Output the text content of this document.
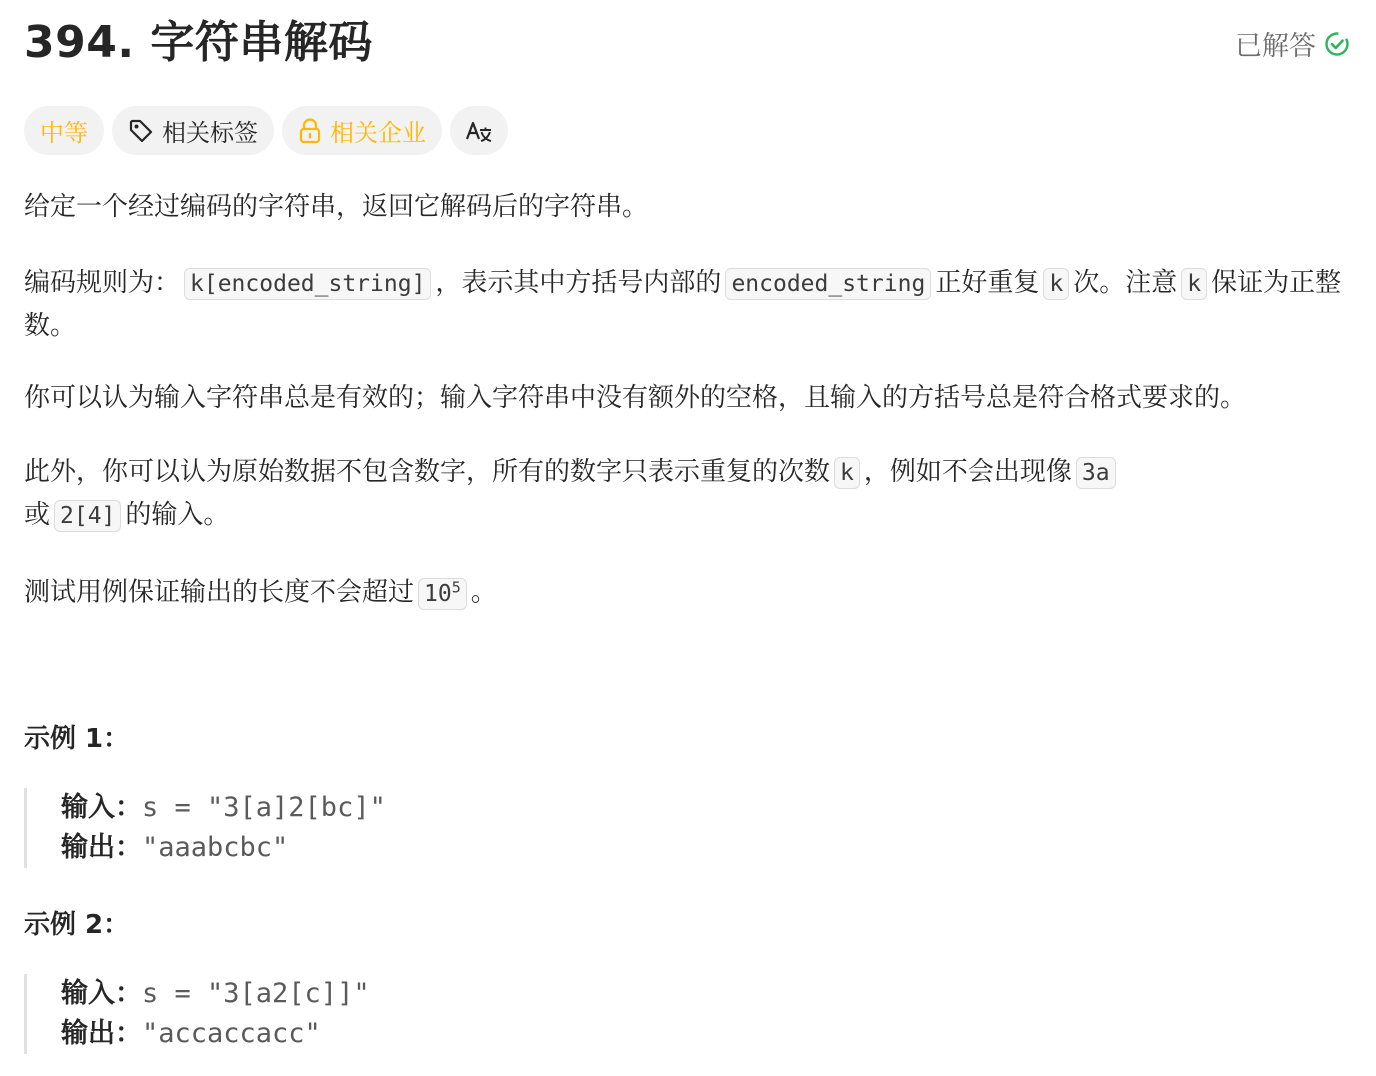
394. 字符串解码	已解答
中等	相关标签	相关企业

给定一个经过编码的字符串，返回它解码后的字符串。

编码规则为： k[encoded_string] ，表示其中方括号内部的 encoded_string 正好重复 k 次。注意 k 保证为正整数。

你可以认为输入字符串总是有效的；输入字符串中没有额外的空格，且输入的方括号总是符合格式要求的。

此外，你可以认为原始数据不包含数字，所有的数字只表示重复的次数 k ，例如不会出现像 3a或 2[4] 的输入。

测试用例保证输出的长度不会超过 $10^5$ 。

示例 1：
输入：s = "3[a]2[bc]"
输出："aaabcbc"
示例 2：
输入：s = "3[a2[c]]"
输出："accaccacc"
